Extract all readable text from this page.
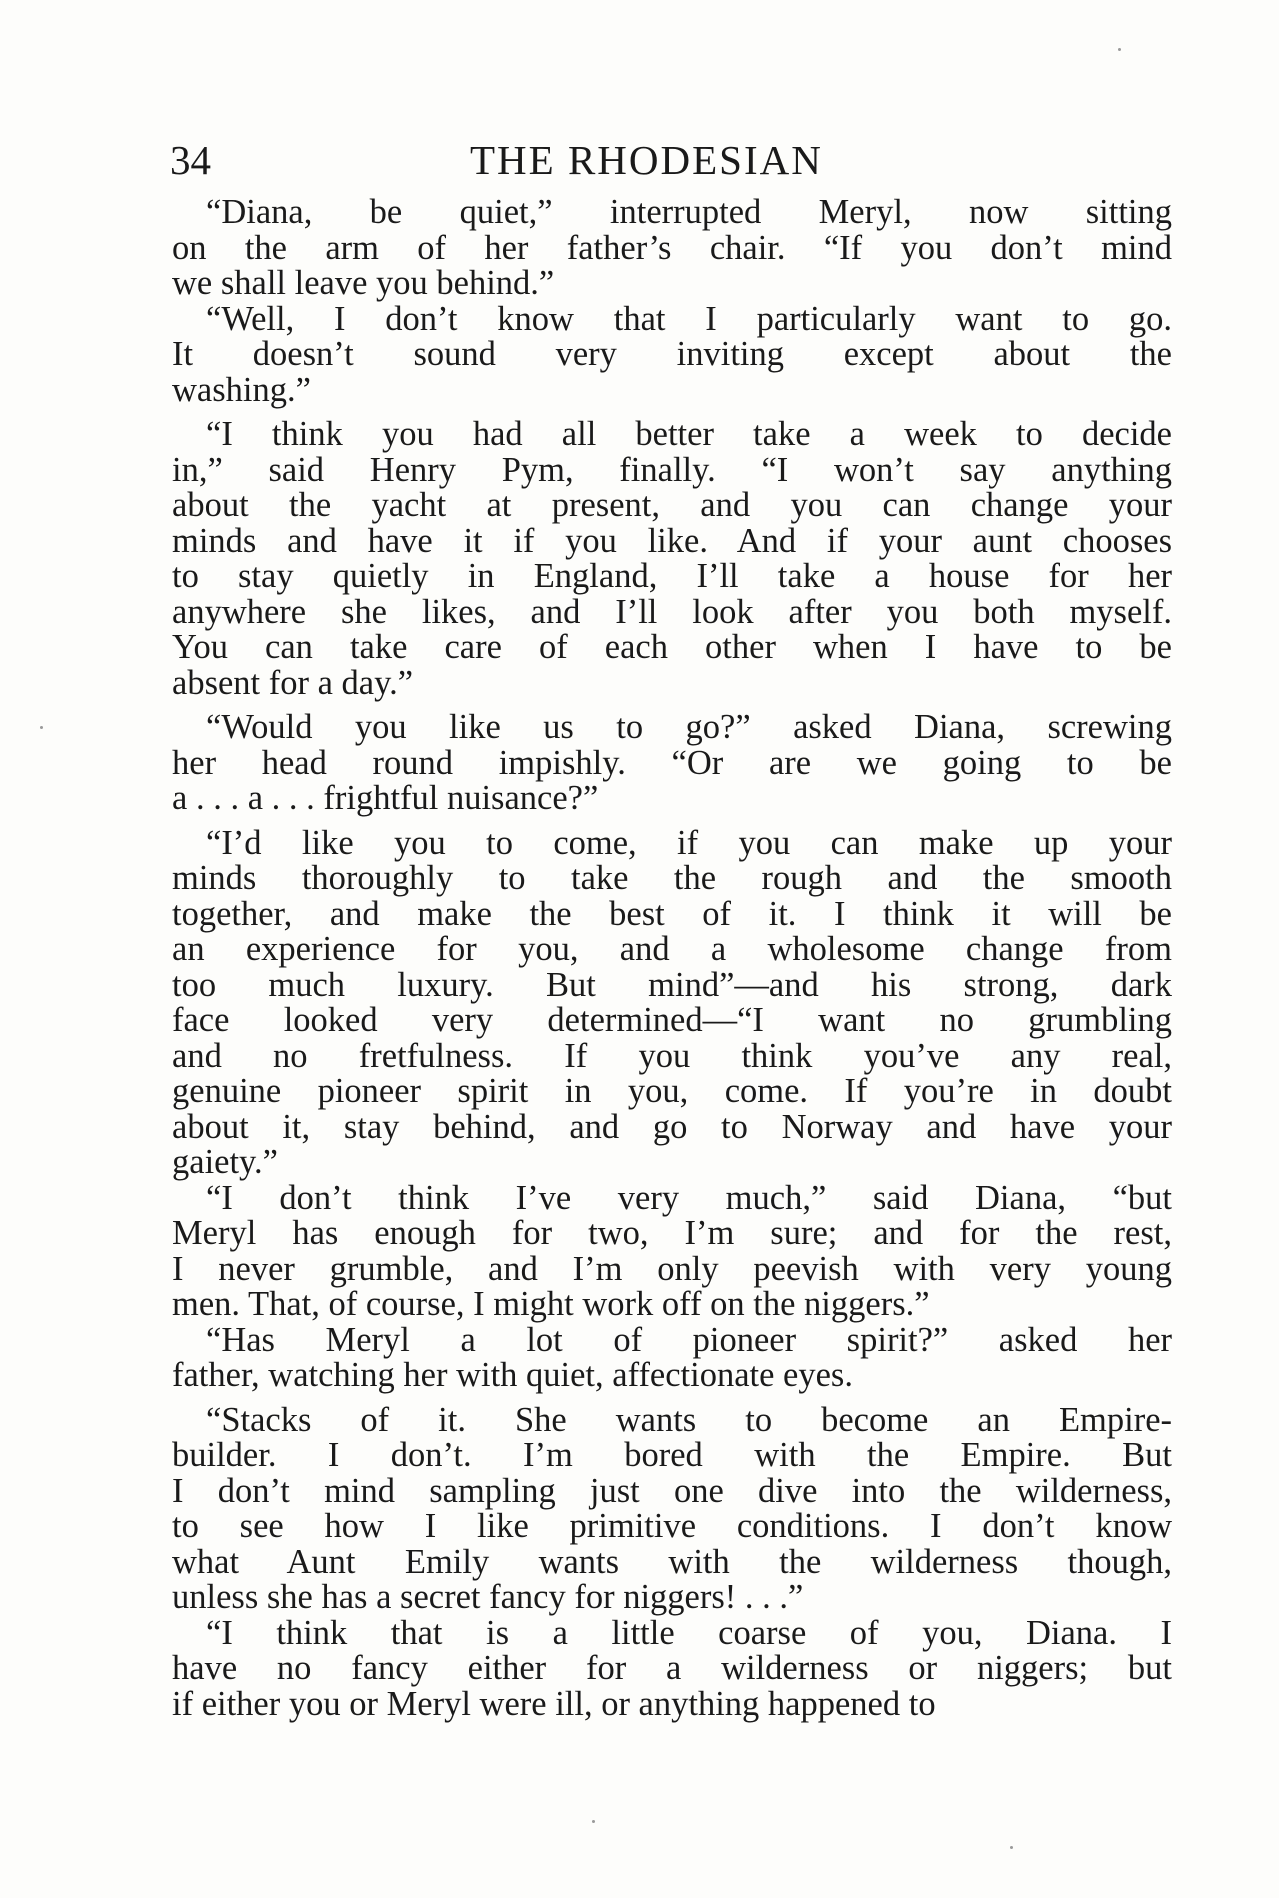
34	THE RHODESIAN
“Diana, be quiet,” interrupted Meryl, now sitting
on the arm of her father’s chair. “If you don’t mind
we shall leave you behind.”
“Well, I don’t know that I particularly want to go.
It doesn’t sound very inviting except about the
washing.”
“I think you had all better take a week to decide
in,” said Henry Pym, finally. “I won’t say anything
about the yacht at present, and you can change your
minds and have it if you like. And if your aunt chooses
to stay quietly in England, I’ll take a house for her
anywhere she likes, and I’ll look after you both myself.
You can take care of each other when I have to be
absent for a day.”
“Would you like us to go?” asked Diana, screwing
her head round impishly. “Or are we going to be
a . . . a . . . frightful nuisance?”
“I’d like you to come, if you can make up your
minds thoroughly to take the rough and the smooth
together, and make the best of it. I think it will be
an experience for you, and a wholesome change from
too much luxury. But mind”—and his strong, dark
face looked very determined—“I want no grumbling
and no fretfulness. If you think you’ve any real,
genuine pioneer spirit in you, come. If you’re in doubt
about it, stay behind, and go to Norway and have your
gaiety.”
“I don’t think I’ve very much,” said Diana, “but
Meryl has enough for two, I’m sure; and for the rest,
I never grumble, and I’m only peevish with very young
men. That, of course, I might work off on the niggers.”
“Has Meryl a lot of pioneer spirit?” asked her
father, watching her with quiet, affectionate eyes.
“Stacks of it. She wants to become an Empire-
builder. I don’t. I’m bored with the Empire. But
I don’t mind sampling just one dive into the wilderness,
to see how I like primitive conditions. I don’t know
what Aunt Emily wants with the wilderness though,
unless she has a secret fancy for niggers! . . .”
“I think that is a little coarse of you, Diana. I
have no fancy either for a wilderness or niggers; but
if either you or Meryl were ill, or anything happened to
